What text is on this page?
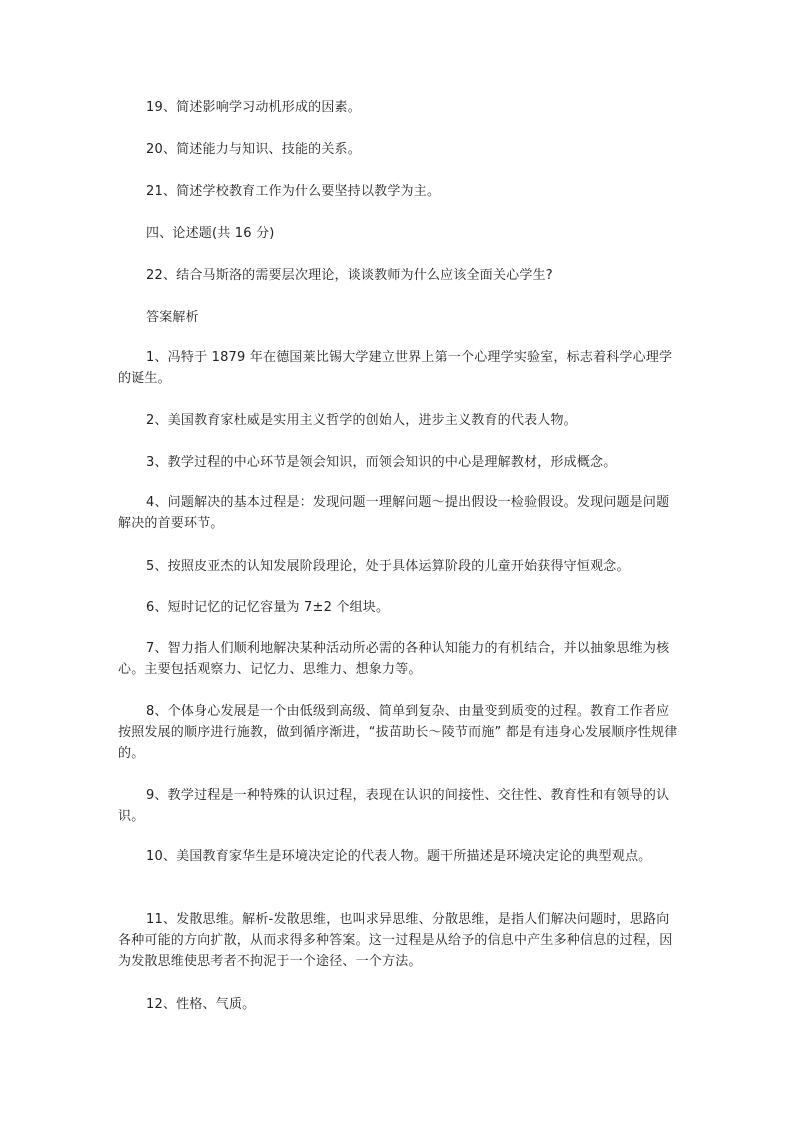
19、简述影响学习动机形成的因素。
20、简述能力与知识、技能的关系。
21、简述学校教育工作为什么要坚持以教学为主。
四、论述题(共 16 分)
22、结合马斯洛的需要层次理论，谈谈教师为什么应该全面关心学生?
答案解析
1、冯特于 1879 年在德国莱比锡大学建立世界上第一个心理学实验室，标志着科学心理学的诞生。
2、美国教育家杜威是实用主义哲学的创始人，进步主义教育的代表人物。
3、教学过程的中心环节是领会知识，而领会知识的中心是理解教材，形成概念。
4、问题解决的基本过程是：发现问题一理解问题～提出假设一检验假设。发现问题是问题解决的首要环节。
5、按照皮亚杰的认知发展阶段理论，处于具体运算阶段的儿童开始获得守恒观念。
6、短时记忆的记忆容量为 7±2 个组块。
7、智力指人们顺利地解决某种活动所必需的各种认知能力的有机结合，并以抽象思维为核心。主要包括观察力、记忆力、思维力、想象力等。
8、个体身心发展是一个由低级到高级、简单到复杂、由量变到质变的过程。教育工作者应按照发展的顺序进行施教，做到循序渐进，“拔苗助长～陵节而施” 都是有违身心发展顺序性规律的。
9、教学过程是一种特殊的认识过程，表现在认识的间接性、交往性、教育性和有领导的认识。
10、美国教育家华生是环境决定论的代表人物。题干所描述是环境决定论的典型观点。
11、发散思维。解析-发散思维，也叫求异思维、分散思维，是指人们解决问题时，思路向各种可能的方向扩散，从而求得多种答案。这一过程是从给予的信息中产生多种信息的过程，因为发散思维使思考者不拘泥于一个途径、一个方法。
12、性格、气质。
